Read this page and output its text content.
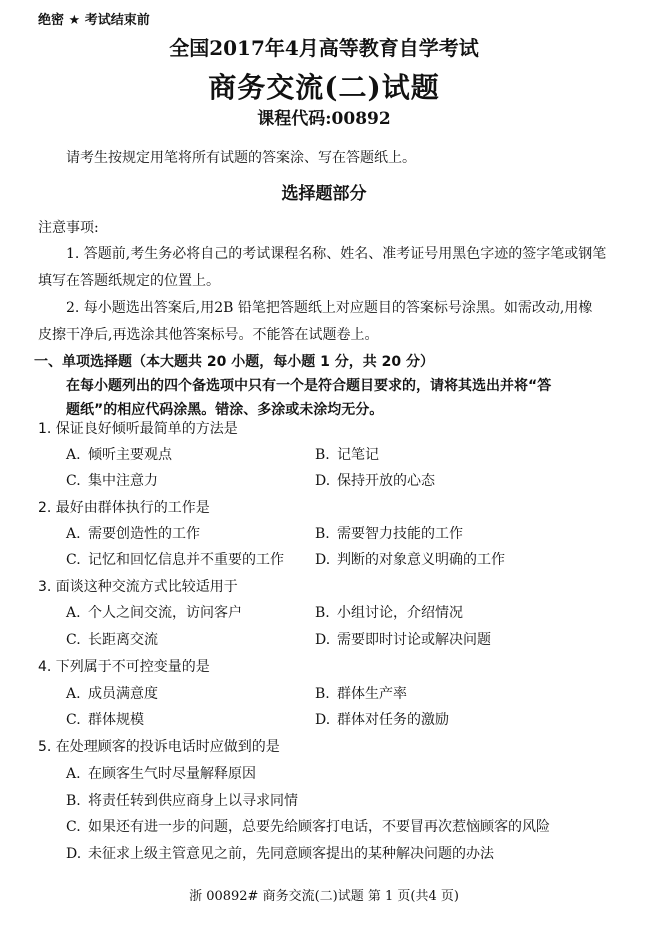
绝密 ★ 考试结束前
全国2017年4月高等教育自学考试
商务交流(二)试题
课程代码:00892
请考生按规定用笔将所有试题的答案涂、写在答题纸上。
选择题部分
注意事项:
1. 答题前,考生务必将自己的考试课程名称、姓名、准考证号用黑色字迹的签字笔或钢笔
填写在答题纸规定的位置上。
2. 每小题选出答案后,用2B 铅笔把答题纸上对应题目的答案标号涂黑。如需改动,用橡
皮擦干净后,再选涂其他答案标号。不能答在试题卷上。
一、单项选择题（本大题共 20 小题，每小题 1 分，共 20 分）
在每小题列出的四个备选项中只有一个是符合题目要求的，请将其选出并将“答
题纸”的相应代码涂黑。错涂、多涂或未涂均无分。
1. 保证良好倾听最简单的方法是
A. 倾听主要观点	B. 记笔记
C. 集中注意力	D. 保持开放的心态
2. 最好由群体执行的工作是
A. 需要创造性的工作	B. 需要智力技能的工作
C. 记忆和回忆信息并不重要的工作 D. 判断的对象意义明确的工作
3. 面谈这种交流方式比较适用于
A. 个人之间交流，访问客户	B. 小组讨论，介绍情况
C. 长距离交流	D. 需要即时讨论或解决问题
4. 下列属于不可控变量的是
A. 成员满意度	B. 群体生产率
C. 群体规模	D. 群体对任务的激励
5. 在处理顾客的投诉电话时应做到的是
A. 在顾客生气时尽量解释原因
B. 将责任转到供应商身上以寻求同情
C. 如果还有进一步的问题，总要先给顾客打电话，不要冒再次惹恼顾客的风险
D. 未征求上级主管意见之前，先同意顾客提出的某种解决问题的办法
浙 00892# 商务交流(二)试题 第 1 页(共4 页)
